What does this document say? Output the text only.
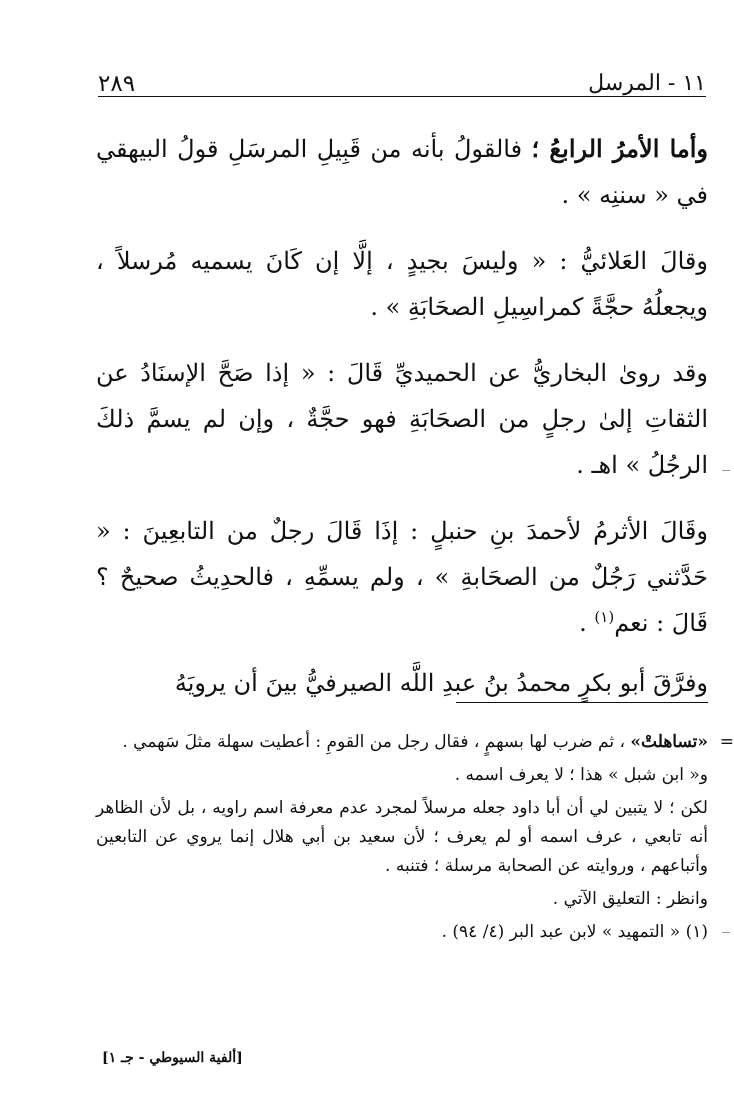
٢٨٩	١١ - المرسل

وأما الأمرُ الرابعُ ؛ فالقولُ بأنه من قَبِيلِ المرسَلِ قولُ البيهقي في « سننِه » .

وقالَ العَلائيُّ : « وليسَ بجيدٍ ، إلَّا إن كَانَ يسميه مُرسلاً ، ويجعلُهُ حجَّةً كمراسِيلِ الصحَابَةِ » .

وقد روىٰ البخاريُّ عن الحميديِّ قَالَ : « إذا صَحَّ الإسنَادُ عن الثقاتِ إلىٰ رجلٍ من الصحَابَةِ فهو حجَّةٌ ، وإن لم يسمَّ ذلكَ الرجُلُ » اهـ .

وقَالَ الأثرمُ لأحمدَ بنِ حنبلٍ : إذَا قَالَ رجلٌ من التابعِينَ : « حَدَّثني رَجُلٌ من الصحَابةِ » ، ولم يسمِّهِ ، فالحدِيثُ صحيحٌ ؟ قَالَ : نعم$^{(١)}$ .

وفرَّقَ أبو بكرٍ محمدُ بنُ عبدِ اللَّه الصيرفيُّ بينَ أن يرويَهُ

=
«تساهلتْ» ، ثم ضرب لها بسهمٍ ، فقال رجل من القومِ : أعطيت سهلة مثلَ سَهمي .

و« ابن شبل » هذا ؛ لا يعرف اسمه .

لكن ؛ لا يتبين لي أن أبا داود جعله مرسلاً لمجرد عدم معرفة اسم راويه ، بل لأن الظاهر أنه تابعي ، عرف اسمه أو لم يعرف ؛ لأن سعيد بن أبي هلال إنما يروي عن التابعين وأتباعهم ، وروايته عن الصحابة مرسلة ؛ فتنبه .

وانظر : التعليق الآتي .

(١) « التمهيد » لابن عبد البر (٤/ ٩٤) .

[ألفية السيوطي - جـ ١]
